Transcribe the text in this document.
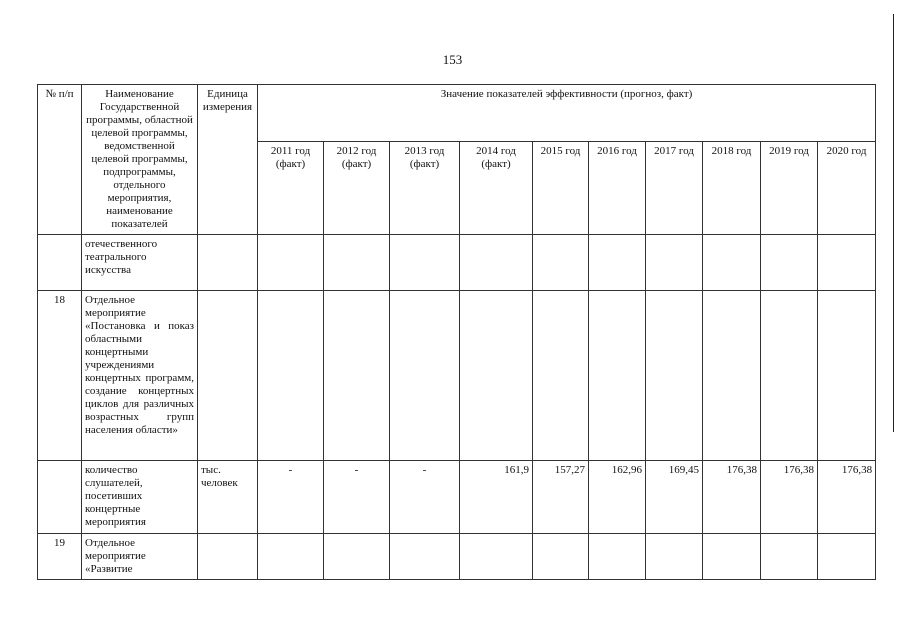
153
№ п/п	Наименование Государственной программы, областной целевой программы, ведомственной целевой программы, подпрограммы, отдельного мероприятия, наименование показателей	Единица измерения	Значение показателей эффективности (прогноз, факт)									
			2011 год (факт)	2012 год (факт)	2013 год (факт)	2014 год (факт)	2015 год	2016 год	2017 год	2018 год	2019 год	2020 год
	отечественного театрального искусства											
18	Отдельное мероприятие «Постановка и показ областными концертными учреждениями концертных программ, создание концертных циклов для различных возрастных групп населения области»											
	количество слушателей, посетивших концертные мероприятия	тыс. человек	-	-	-	161,9	157,27	162,96	169,45	176,38	176,38	176,38
19	Отдельное мероприятие «Развитие											
